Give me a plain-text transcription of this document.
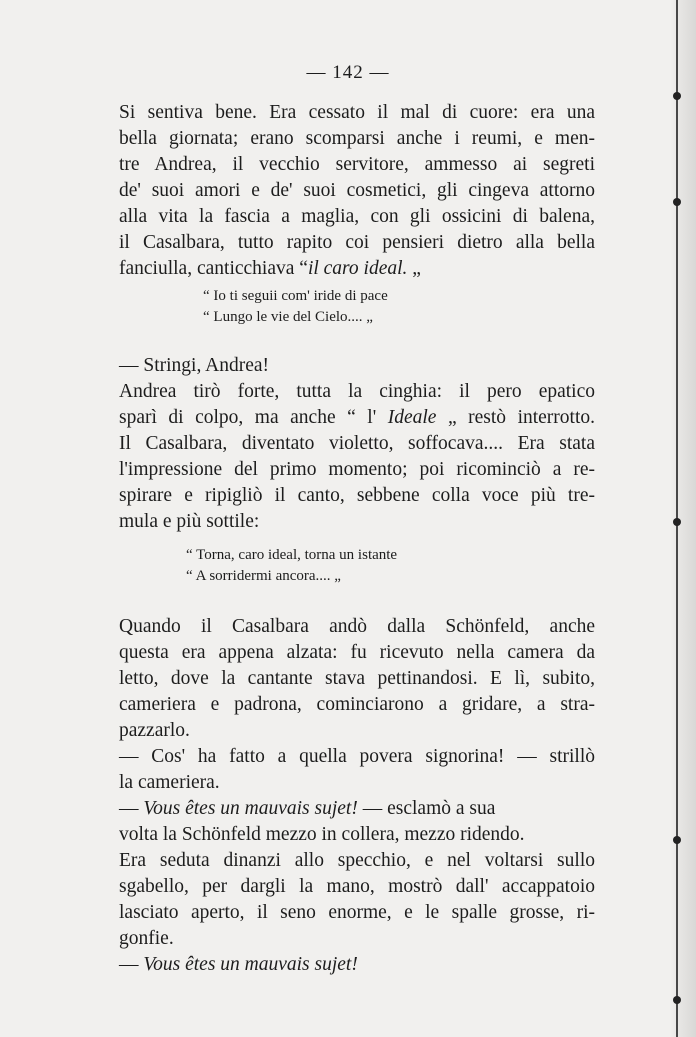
— 142 —
Si sentiva bene. Era cessato il mal di cuore: era una
bella giornata; erano scomparsi anche i reumi, e men-
tre Andrea, il vecchio servitore, ammesso ai segreti
de' suoi amori e de' suoi cosmetici, gli cingeva attorno
alla vita la fascia a maglia, con gli ossicini di balena,
il Casalbara, tutto rapito coi pensieri dietro alla bella
fanciulla, canticchiava “il caro ideal. „
“ Io ti seguii com' iride di pace
“ Lungo le vie del Cielo.... „
— Stringi, Andrea!
Andrea tirò forte, tutta la cinghia: il pero epatico
sparì di colpo, ma anche “ l' Ideale „ restò interrotto.
Il Casalbara, diventato violetto, soffocava.... Era stata
l'impressione del primo momento; poi ricominciò a re-
spirare e ripigliò il canto, sebbene colla voce più tre-
mula e più sottile:
“ Torna, caro ideal, torna un istante
“ A sorridermi ancora.... „
Quando il Casalbara andò dalla Schönfeld, anche
questa era appena alzata: fu ricevuto nella camera da
letto, dove la cantante stava pettinandosi. E lì, subito,
cameriera e padrona, cominciarono a gridare, a stra-
pazzarlo.
— Cos' ha fatto a quella povera signorina! — strillò
la cameriera.
— Vous êtes un mauvais sujet! — esclamò a sua
volta la Schönfeld mezzo in collera, mezzo ridendo.
Era seduta dinanzi allo specchio, e nel voltarsi sullo
sgabello, per dargli la mano, mostrò dall' accappatoio
lasciato aperto, il seno enorme, e le spalle grosse, ri-
gonfie.
— Vous êtes un mauvais sujet!
